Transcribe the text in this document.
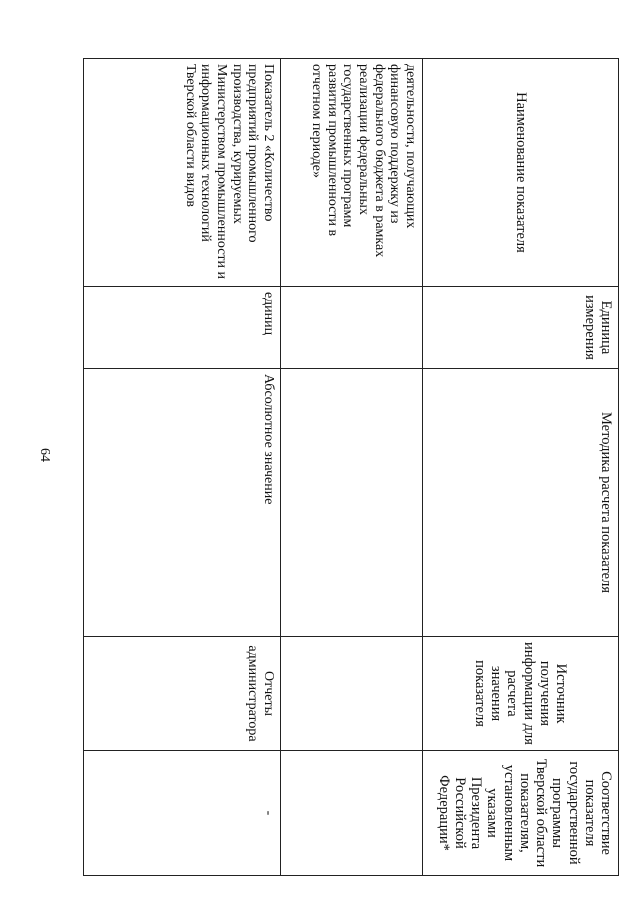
64
Наименование показателя	Единица измерения	Методика расчета показателя	Источник получения информации для расчета значения показателя	Соответствие показателя государственной программы Тверской области показателям, установленным указами Президента Российской Федерации*
деятельности, получающих финансовую поддержку из федерального бюджета в рамках реализации федеральных государственных программ развития промышленности в отчетном периоде»				
Показатель 2 «Количество предприятий промышленного производства, курируемых Министерством промышленности и информационных технологий Тверской области видов	единиц	Абсолютное значение	Отчеты администратора	-
